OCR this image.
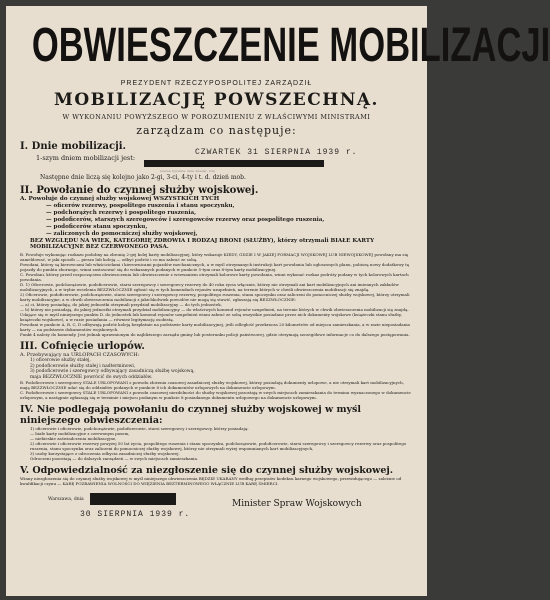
OBWIESZCZENIE MOBILIZACJI
PREZYDENT RZECZYPOSPOLITEJ ZARZĄDZIŁ
MOBILIZACJĘ POWSZECHNĄ.
W WYKONANIU POWYŻSZEGO W POROZUMIENIU Z WŁAŚCIWYMI MINISTRAMI
zarządzam co następuje:
I. Dnie mobilizacji.
1-szym dniem mobilizacji jest:
CZWARTEK 31 SIERPNIA 1939 r.
(nazwa tygodnia, data, miesiąc, rok)
Następne dnie liczą się kolejno jako 2-gi, 3-ci, 4-ty i t. d. dzień mob.
II. Powołanie do czynnej służby wojskowej.
A. Powołuje do czynnej służby wojskowej WSZYSTKICH TYCH

— oficerów rezerwy, pospolitego ruszenia i stanu spoczynku,

— podchorążych rezerwy i pospolitego ruszenia,

— podoficerów, starszych szeregowców i szeregowców rezerwy oraz pospolitego ruszenia,

— podoficerów stanu spoczynku,

— zaliczonych do pomocniczej służby wojskowej,

BEZ WZGLĘDU NA WIEK, KATEGORIĘ ZDROWIA I RODZAJ BRONI (SŁUŻBY), którzy otrzymali BIAŁE KARTY MOBILIZACYJNE BEZ CZERWONEGO PASA.

B. Powołuje wykonując rozkazu podobny na zbronię 2-gej kolej karty mobilizacyjnej, który wskazuje KIEDY, GDZIE I W JAKIEJ FORMACJI WOJSKOWEJ LUB NIEWOJSKOWEJ powołany ma się zameldować, w jaki sposób — pieszo lub koleją — odbyć podróż i co ma zabrać ze sobą.

Powołani, którzy są kierowcami lub właścicielami i kierownicami pojazdów mechanicznych, a w myśl otrzymanych instrukcji kart powołania lub ogłoszonych planu, pobiorą nowy dodatkowy tę pojazdy do punktu zbornego, winni zastosować się do wskazanych podanych w punkcie 5-tym oraz 8-tym karty mobilizacyjnej.

C. Powołani, którzy przed rozpoczęciem obwieszczenia lub obwieszczenie z wezwaniem otrzymali kolorowe karty powołania, winni wykonać rozkaz podróży podany w tych kolorowych kartach powołania.

D. 1) Oficerowie, podchorążowie, podoficerowie, starsi szeregowcy i szeregowcy rezerwy do 40 roku życia włącznie, którzy nie otrzymali ani kart mobilizacyjnych ani imiennych zakładów mobilizacyjnych, a w trybie wcielenia BEZZWŁOCZNIE zgłosić się w tych komendach rejonów uzupełnień, na terenie których w chwili obwieszczenia mobilizacji się znajdą.

2) Oficerowie, podoficerowie, podchorążowie, starsi szeregowcy i szeregowcy rezerwy, pospolitego ruszenia, stanu spoczynku oraz zaliczeni do pomocniczej służby wojskowej, którzy otrzymali karty mobilizacyjne, a w chwili obwieszczenia mobilizacji z jakichkolwiek powodów nie mogą się stawić, zgłaszają się BEZZWŁOCZNIE:

— a) ci, którzy posiadają, do jakiej jednostki otrzymali przydział mobilizacyjny — do tych jednostek,

— b) którzy nie posiadają, do jakiej jednostki otrzymali przydział mobilizacyjny — do właściwych komend rejonów uzupełnień, na terenie których w chwili obwieszczenia mobilizacji się znajdą.

Udające się w myśl niniejszego punktu D. do jednostek lub komend rejonów uzupełnień winni zabrać ze sobą wszystkie posiadane przez nich dokumenty wojskowe (książeczki stanu służby, książeczki wojskowe), a w razie posiadania — również legitymację osobistą.

Powołani w punkcie A, B, C, D odbywają podróż koleją bezpłatnie na podstawie karty mobilizacyjnej, jeśli odległość przekracza 20 kilometrów od miejsca zamieszkania, a w razie nieposiadania karty — na podstawie dokumentów wojskowych.

Punkt 4 należy do komendy. Jest jednak uprawnionym do najbliższego zarządu gminy lub posterunku policji państwowej, gdzie otrzymają szczegółowe informacje co do dalszego postępowania.

III. Cofnięcie urlopów.
A. Przebywający na URLOPACH CZASOWYCH:

1) oficerowie służby stałej,

2) podoficerowie służby stałej i nadterminowi,

3) podoficerowie i szeregowcy odbywający zasadniczą służbę wojskową,

maja BEZZWŁOCZNIE powrócić do swych oddziałów.

B. Podoficerowie i szeregowcy STALE URLOPOWANI z powodu złożenia czasowej zasadniczej służby wojskowej, którzy posiadają dokumenty urlopowe, a nie otrzymali kart mobilizacyjnych, mają BEZZWŁOCZNIE udać się do oddziałów podanych w punkcie 8 ich dokumentów urlopowych na dokumencie urlopowym.

C. Podoficerowie i szeregowcy STALE URLOPOWANI z powodu czasowej niezdolności do służby wojskowej pozostają w swych miejscach zamieszkania do terminu wyznaczonego w dokumencie urlopowym, a następnie zgłaszają się w terminie i miejscu podanym w punkcie 8 posiadanego dokumentu urlopowego na dokumencie urlopowym.

IV. Nie podlegają powołaniu do czynnej służby wojskowej w myśl niniejszego obwieszczenia:

1) oficerowie i oficerowie, podchorążowie, podoficerowie, starsi szeregowcy i szeregowcy, którzy posiadają:

— białe karty mobilizacyjne z czerwonym pasem,

— niebieskie zaświadczenia mobilizacyjne,

2) oficerowie i oficerowie rezerwy powyżej 50 lat życia, pospolitego ruszenia i stanu spoczynku, podchorążowie, podoficerowie, starsi szeregowcy i szeregowcy rezerwy oraz pospolitego ruszenia, stanu spoczynku oraz zaliczeni do pomocniczej służby wojskowej, którzy nie otrzymali wyżej wspomnianych kart mobilizacyjnych,

3) osoby korzystające z odroczenia odbycia zasadniczej służby wojskowej.

Odroczeni pozostają — do dalszych zarządzeń — w swych miejscach zamieszkania.

V. Odpowiedzialność za niezgłoszenie się do czynnej służby wojskowej.
Winny niezgłoszenia się do czynnej służby wojskowej w myśl niniejszego obwieszczenia BĘDZIE UKARANY według przepisów kodeksu karnego wojskowego, przewidującego — zależnie od kwalifikacji czynu — KARĘ POZBAWIENIA WOLNOŚCI DO WIĘZIENIA BEZTERMINOWEGO WŁĄCZNIE LUB KARĘ ŚMIERCI.
Warszawa, dnia
30 SIERPNIA 1939 r.
Minister Spraw Wojskowych
